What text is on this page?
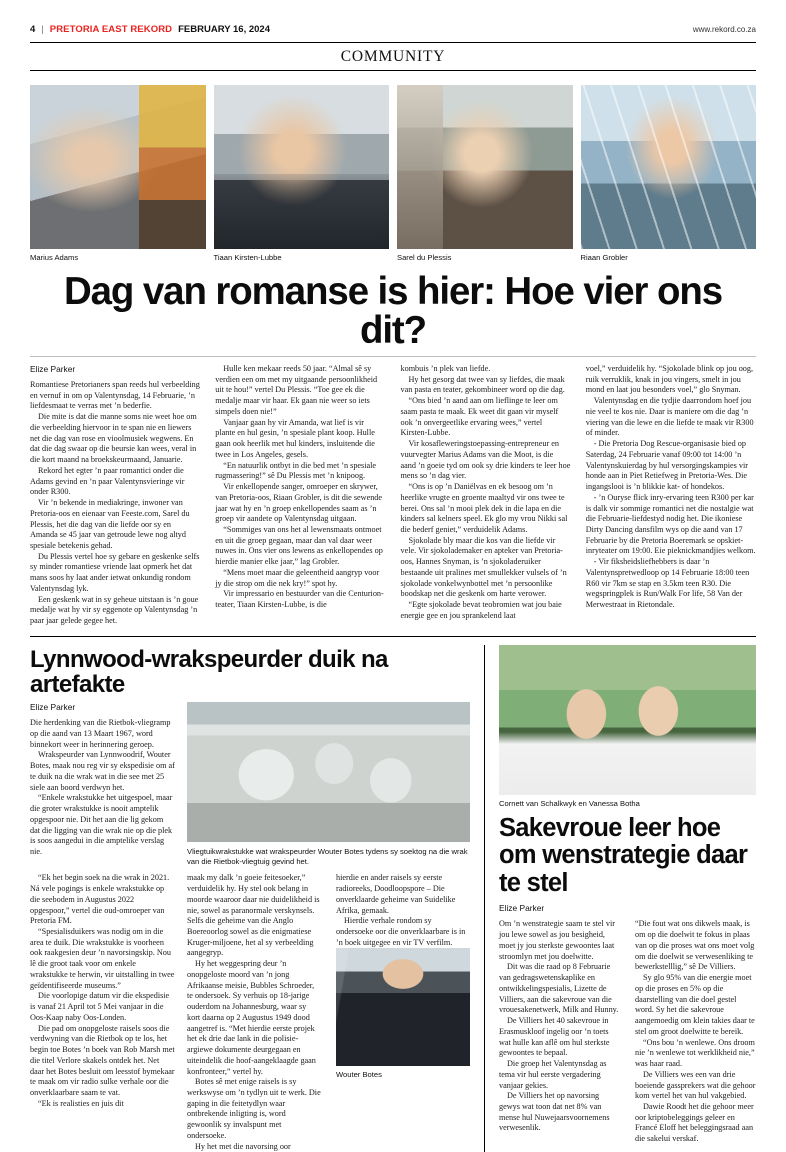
4 | PRETORIA EAST REKORD FEBRUARY 16, 2024	www.rekord.co.za
COMMUNITY
Marius Adams	Tiaan Kirsten-Lubbe	Sarel du Plessis	Riaan Grobler
Dag van romanse is hier: Hoe vier ons dit?
Elize Parker

Romantiese Pretorianers span reeds hul verbeelding en vernuf in om op Valentynsdag, 14 Februarie, ’n liefdesmaat te verras met ’n bederfie.

Die mite is dat die manne soms nie weet hoe om die verbeelding hiervoor in te span nie en liewers net die dag van rose en vioolmusiek wegwens. En dat die dag swaar op die beursie kan wees, veral in die kort maand na broekskeurmaand, Januarie.

Rekord het egter ’n paar romantici onder die Adams gevind en ’n paar Valentynsvieringe vir onder R300.

Vir ’n bekende in mediakringe, inwoner van Pretoria-oos en eienaar van Feeste.com, Sarel du Plessis, het die dag van die liefde oor sy en Amanda se 45 jaar van getroude lewe nog altyd spesiale betekenis gehad.

Du Plessis vertel hoe sy gebare en geskenke selfs sy minder romantiese vriende laat opmerk het dat mans soos hy laat ander ietwat onkundig rondom Valentynsdag lyk.

Een geskenk wat in sy geheue uitstaan is ’n goue medalje wat hy vir sy eggenote op Valentynsdag ’n paar jaar gelede gegee het.

Hulle ken mekaar reeds 50 jaar. “Almal sê sy verdien een om met my uitgaande persoonlikheid uit te hou!” vertel Du Plessis. “Toe gee ek die medalje maar vir haar. Ek gaan nie weer so iets simpels doen nie!”

Vanjaar gaan hy vir Amanda, wat lief is vir plante en hul gesin, ’n spesiale plant koop. Hulle gaan ook heerlik met hul kinders, insluitende die twee in Los Angeles, gesels.

“En natuurlik ontbyt in die bed met ’n spesiale rugmassering!” sê Du Plessis met ’n knipoog.

Vir enkellopende sanger, omroeper en skrywer, van Pretoria-oos, Riaan Grobler, is dit die sewende jaar wat hy en ’n groep enkellopendes saam as ’n groep vir aandete op Valentynsdag uitgaan.

“Sommiges van ons het al lewensmaats ontmoet en uit die groep gegaan, maar dan val daar weer nuwes in. Ons vier ons lewens as enkellopendes op hierdie manier elke jaar,” lag Grobler.

“Mens moet maar die geleentheid aangryp voor jy die strop om die nek kry!” spot hy.

Vir impressario en bestuurder van die Centurion-teater, Tiaan Kirsten-Lubbe, is die

kombuis ’n plek van liefde.

Hy het gesorg dat twee van sy liefdes, die maak van pasta en teater, gekombineer word op die dag.

“Ons bied ’n aand aan om lieflinge te leer om saam pasta te maak. Ek weet dit gaan vir myself ook ’n onvergeetlike ervaring wees,” vertel Kirsten-Lubbe.

Vir kosafleweringstoepassing-entrepreneur en vuurvegter Marius Adams van die Moot, is die aand ’n goeie tyd om ook sy drie kinders te leer hoe mens so ’n dag vier.

“Ons is op ’n Daniëlvas en ek besoog om ’n heerlike vrugte en groente maaltyd vir ons twee te berei. Ons sal ’n mooi plek dek in die lapa en die kinders sal kelners speel. Ek glo my vrou Nikki sal die bederf geniet,” verduidelik Adams.

Sjokolade bly maar die kos van die liefde vir vele. Vir sjokolademaker en apteker van Pretoria-oos, Hannes Snyman, is ’n sjokoladeruiker bestaande uit pralines met smullekker vulsels of ’n sjokolade vonkelwynbottel met ’n persoonlike boodskap net die geskenk om harte verower.

“Egte sjokolade bevat teobromien wat jou baie energie gee en jou sprankelend laat

voel,” verduidelik hy. “Sjokolade blink op jou oog, ruik verruklik, knak in jou vingers, smelt in jou mond en laat jou besonders voel,” glo Snyman.

Valentynsdag en die tydjie daarrondom hoef jou nie veel te kos nie. Daar is maniere om die dag ’n viering van die lewe en die liefde te maak vir R300 of minder.

- Die Pretoria Dog Rescue-organisasie bied op Saterdag, 24 Februarie vanaf 09:00 tot 14:00 ’n Valentynskuierdag by hul versorgingskampies vir honde aan in Piet Retiefweg in Pretoria-Wes. Die ingangslooi is ’n blikkie kat- of hondekos.

- ’n Ouryse flick inry-ervaring teen R300 per kar is dalk vir sommige romantici net die nostalgie wat die Februarie-liefdestyd nodig het. Die ikoniese Dirty Dancing dansfilm wys op die aand van 17 Februarie by die Pretoria Boeremark se opskiet-inryteater om 19:00. Eie pieknickmandjies welkom.

- Vir fiksheidsliefhebbers is daar ’n Valentynspretwedloop op 14 Februarie 18:00 teen R60 vir 7km se stap en 3.5km teen R30. Die wegspringplek is Run/Walk For life, 58 Van der Merwestraat in Rietondale.

Lynnwood-wrakspeurder duik na artefakte
Elize Parker

Die herdenking van die Rietbok-vliegramp op die aand van 13 Maart 1967, word binnekort weer in herinnering geroep.

Wrakspeurder van Lynnwoodrif, Wouter Botes, maak nou reg vir sy ekspedisie om af te duik na die wrak wat in die see met 25 siele aan boord verdwyn het.

“Enkele wrakstukke het uitgespoel, maar die groter wrakstukke is nooit amptelik opgespoor nie. Dit het aan die lig gekom dat die ligging van die wrak nie op die plek is soos aangedui in die amptelike verslag nie.	Vliegtuikwrakstukke wat wrakspeurder Wouter Botes tydens sy soektog na die wrak van die Rietbok-vliegtuig gevind het.

“Ek het begin soek na die wrak in 2021. Ná vele pogings is enkele wrakstukke op die seebodem in Augustus 2022 opgespoor,” vertel die oud-omroeper van Pretoria FM.

“Spesialisduikers was nodig om in die area te duik. Die wrakstukke is voorheen ook raakgesien deur ’n navorsingskip. Nou lê die groot taak voor om enkele wrakstukke te herwin, vir uitstalling in twee geïdentifiseerde museums.”

Die voorlopige datum vir die ekspedisie is vanaf 21 April tot 5 Mei vanjaar in die Oos-Kaap naby Oos-Londen.

Die pad om onopgeloste raisels soos die verdwyning van die Rietbok op te los, het begin toe Botes ’n boek van Rob Marsh met die titel Verlore skakels ontdek het. Net daar het Botes besluit om leesstof bymekaar te maak om vir radio sulke verhale oor die onverklaarbare saam te vat.

“Ek is realisties en juis dit

maak my dalk ’n goeie feitesoeker,” verduidelik hy. Hy stel ook belang in moorde waaroor daar nie duidelikheid is nie, sowel as paranormale verskynsels. Selfs die geheime van die Anglo Boereoorlog sowel as die enigmatiese Kruger-miljoene, het al sy verbeelding aangegryp.

Hy het weggespring deur ’n onopgeloste moord van ’n jong Afrikaanse meisie, Bubbles Schroeder, te ondersoek. Sy verhuis op 18-jarige ouderdom na Johannesburg, waar sy kort daarna op 2 Augustus 1949 dood aangetref is. “Met hierdie eerste projek het ek drie dae lank in die polisie-argiewe dokumente deurgegaan en uiteindelik die hoof-aangeklaagde gaan konfronteer,” vertel hy.

Botes sê met enige raisels is sy werkswyse om ’n tydlyn uit te werk. Die gaping in die feitetydlyn waar ontbrekende inligting is, word gewoonlik sy invalspunt met ondersoeke.

Hy het met die navorsing oor

hierdie en ander raisels sy eerste radioreeks, Doodloopspore – Die onverklaarde geheime van Suidelike Afrika, gemaak.

Hierdie verhale rondom sy ondersoeke oor die onverklaarbare is in ’n boek uitgegee en vir TV verfilm.

Wouter Botes
Cornett van Schalkwyk en Vanessa Botha
Sakevroue leer hoe om wenstrategie daar te stel
Elize Parker

Om ’n wenstrategie saam te stel vir jou lewe sowel as jou besigheid, moet jy jou sterkste gewoontes laat stroomlyn met jou doelwitte.

Dit was die raad op 8 Februarie van gedragswetenskaplike en ontwikkelingspesialis, Lizette de Villiers, aan die sakevroue van die vrouesakenetwerk, Milk and Hunny.

De Villiers het 40 sakevroue in Erasmuskloof ingelig oor ’n toets wat hulle kan aflê om hul sterkste gewoontes te bepaal.

Die groep het Valentynsdag as tema vir hul eerste vergadering vanjaar gekies.

De Villiers het op navorsing gewys wat toon dat net 8% van mense hul Nuwejaarsvoornemens verwesenlik.

“Die fout wat ons dikwels maak, is om op die doelwit te fokus in plaas van op die proses wat ons moet volg om die doelwit se verwesenliking te bewerkstelllig,” sê De Villiers.

Sy glo 95% van die energie moet op die proses en 5% op die daarstelling van die doel gestel word. Sy het die sakevroue aangemoedig om klein takies daar te stel om groot doelwitte te bereik.

“Ons bou ’n wenlewe. Ons droom nie ’n wenlewe tot werklikheid nie,” was haar raad.

De Villiers wes een van drie boeiende gassprekers wat die gehoor kom vertel het van hul vakgebied.

Dawie Roodt het die gehoor meer oor kriptobeleggings geleer en Francé Eloff het beleggingsraad aan die sakelui verskaf.
